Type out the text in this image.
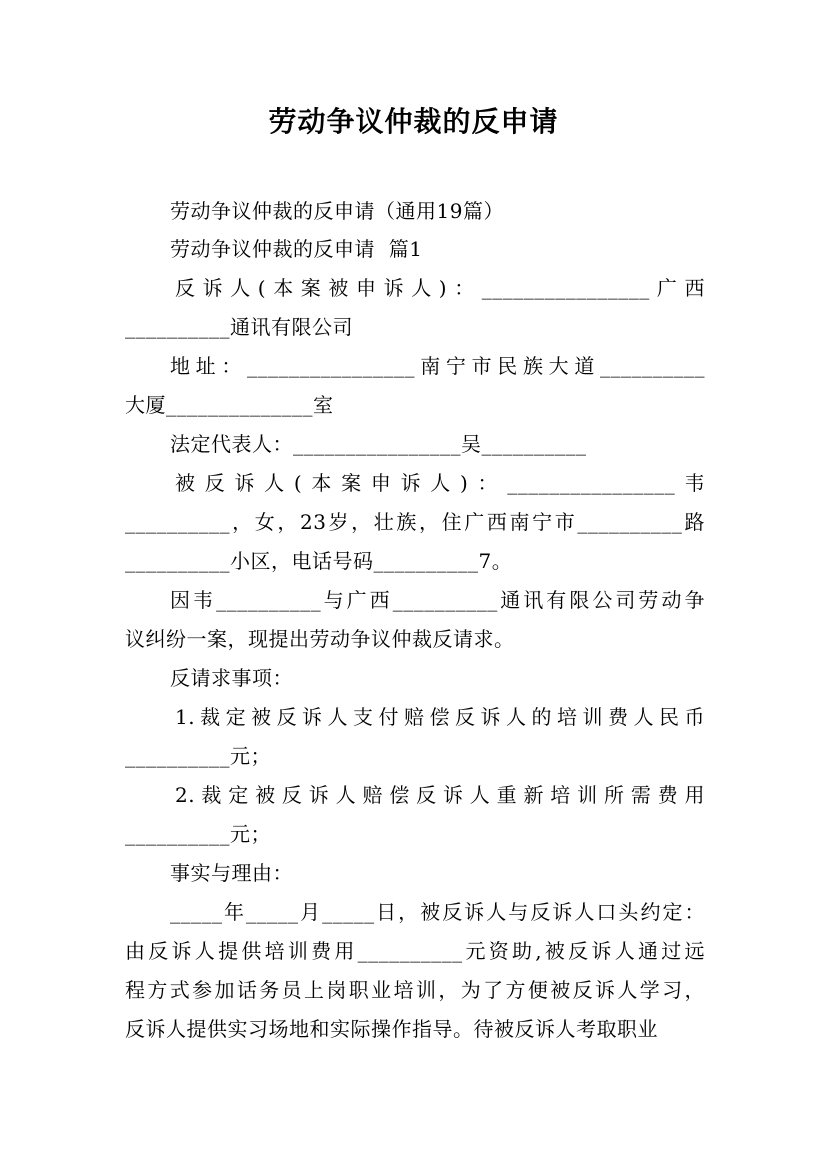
劳动争议仲裁的反申请
劳动争议仲裁的反申请（通用19篇）
劳动争议仲裁的反申请  篇1
反诉人(本案被申诉人)：________________广西
__________通讯有限公司
地址：________________南宁市民族大道__________
大厦______________室
法定代表人：________________吴__________
被反诉人(本案申诉人)：________________韦
__________，女，23岁，壮族，住广西南宁市__________路
__________小区，电话号码__________7。
因韦__________与广西__________通讯有限公司劳动争
议纠纷一案，现提出劳动争议仲裁反请求。
反请求事项：
1.裁定被反诉人支付赔偿反诉人的培训费人民币
__________元；
2.裁定被反诉人赔偿反诉人重新培训所需费用
__________元；
事实与理由：
_____年_____月_____日，被反诉人与反诉人口头约定：
由反诉人提供培训费用__________元资助,被反诉人通过远
程方式参加话务员上岗职业培训，为了方便被反诉人学习，
反诉人提供实习场地和实际操作指导。待被反诉人考取职业
